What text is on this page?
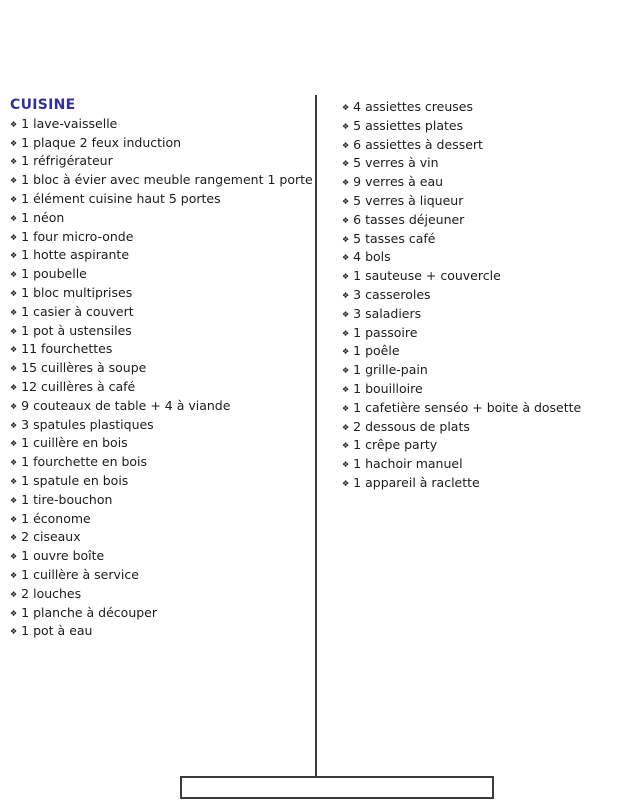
CUISINE
❖ 1 lave-vaisselle
❖ 1 plaque 2 feux induction
❖ 1 réfrigérateur
❖ 1 bloc à évier avec meuble rangement 1 porte
❖ 1 élément cuisine haut 5 portes
❖ 1 néon
❖ 1 four micro-onde
❖ 1 hotte aspirante
❖ 1 poubelle
❖ 1 bloc multiprises
❖ 1 casier à couvert
❖ 1 pot à ustensiles
❖ 11 fourchettes
❖ 15 cuillères à soupe
❖ 12 cuillères à café
❖ 9 couteaux de table + 4 à viande
❖ 3 spatules plastiques
❖ 1 cuillère en bois
❖ 1 fourchette en bois
❖ 1 spatule en bois
❖ 1 tire-bouchon
❖ 1 économe
❖ 2 ciseaux
❖ 1 ouvre boîte
❖ 1 cuillère à service
❖ 2 louches
❖ 1 planche à découper
❖ 1 pot à eau
❖ 4 assiettes creuses
❖ 5 assiettes plates
❖ 6 assiettes à dessert
❖ 5 verres à vin
❖ 9 verres à eau
❖ 5 verres à liqueur
❖ 6 tasses déjeuner
❖ 5 tasses café
❖ 4 bols
❖ 1 sauteuse + couvercle
❖ 3 casseroles
❖ 3 saladiers
❖ 1 passoire
❖ 1 poêle
❖ 1 grille-pain
❖ 1 bouilloire
❖ 1 cafetière senséo + boite à dosette
❖ 2 dessous de plats
❖ 1 crêpe party
❖ 1 hachoir manuel
❖ 1 appareil à raclette
